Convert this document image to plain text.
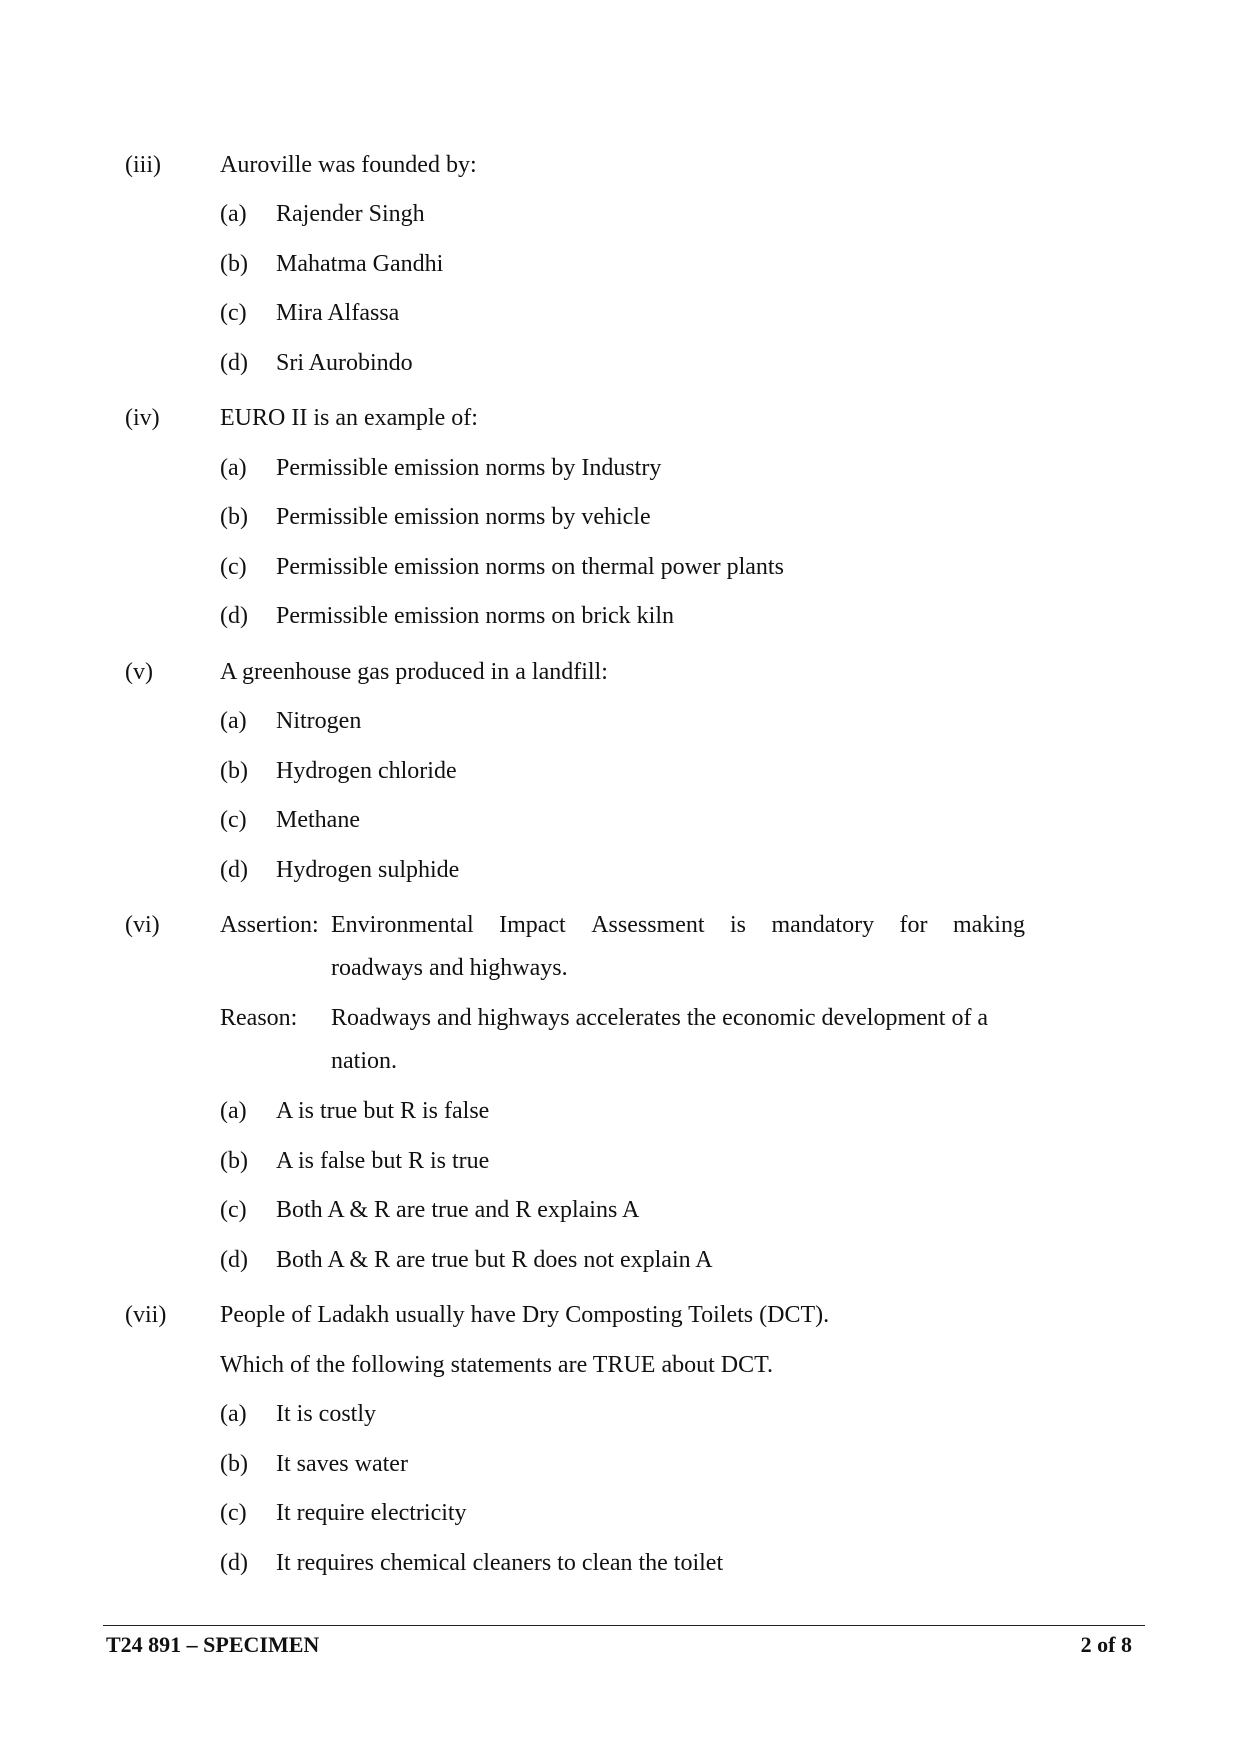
(iii) Auroville was founded by:
(a) Rajender Singh
(b) Mahatma Gandhi
(c) Mira Alfassa
(d) Sri Aurobindo
(iv)	EURO II is an example of:
(a) Permissible emission norms by Industry
(b) Permissible emission norms by vehicle
(c) Permissible emission norms on thermal power plants
(d) Permissible emission norms on brick kiln
(v)	A greenhouse gas produced in a landfill:
(a) Nitrogen
(b) Hydrogen chloride
(c) Methane
(d) Hydrogen sulphide
(vi)	Assertion: Environmental Impact Assessment is mandatory for making
roadways and highways.
Reason: Roadways and highways accelerates the economic development of a
nation.
(a) A is true but R is false
(b) A is false but R is true
(c) Both A & R are true and R explains A
(d) Both A & R are true but R does not explain A
(vii) People of Ladakh usually have Dry Composting Toilets (DCT).
Which of the following statements are TRUE about DCT.
(a) It is costly
(b) It saves water
(c) It require electricity
(d) It requires chemical cleaners to clean the toilet
T24 891 – SPECIMEN	2 of 8
